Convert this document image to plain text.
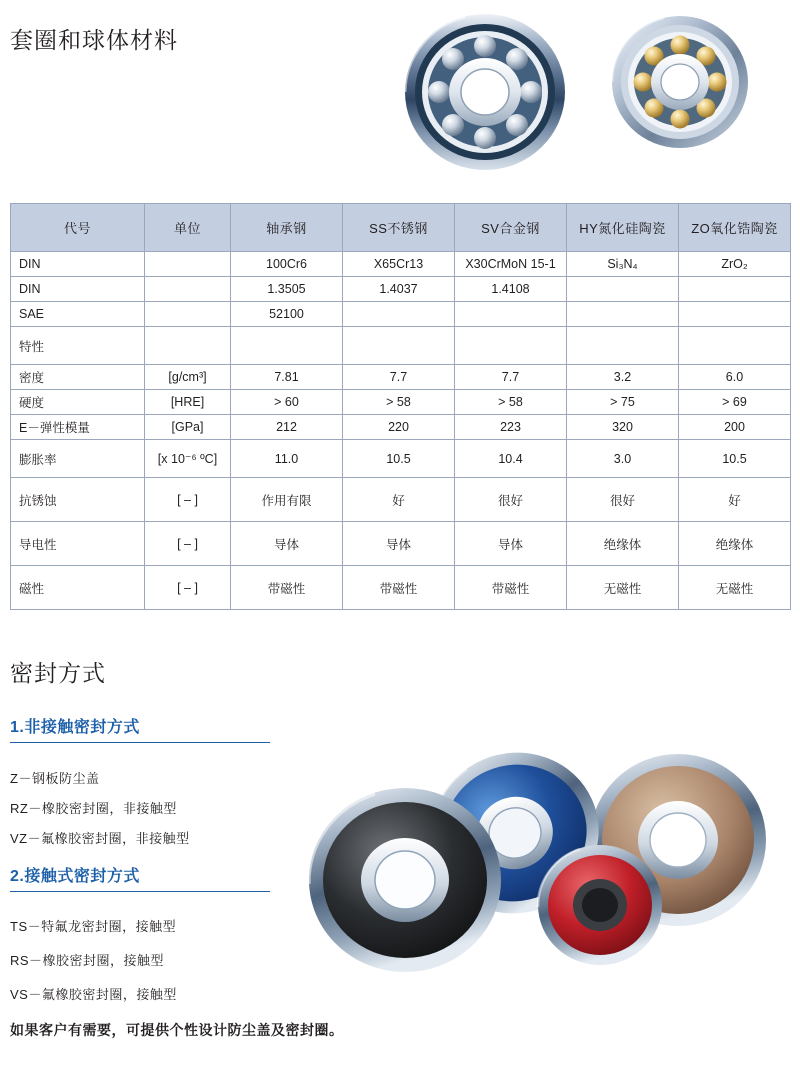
套圈和球体材料
代号	单位	轴承钢	SS不锈钢	SV合金钢	HY氮化硅陶瓷	ZO氧化锆陶瓷
DIN		100Cr6	X65Cr13	X30CrMoN 15-1	Si₃N₄	ZrO₂
DIN		1.3505	1.4037	1.4108		
SAE		52100				
特性						
密度	[g/cm³]	7.81	7.7	7.7	3.2	6.0
硬度	[HRE]	> 60	> 58	> 58	> 75	> 69
E－弹性模量	[GPa]	212	220	223	320	200
膨胀率	[x 10⁻⁶ ºC]	11.0	10.5	10.4	3.0	10.5
抗锈蚀	[ – ]	作用有限	好	很好	很好	好
导电性	[ – ]	导体	导体	导体	绝缘体	绝缘体
磁性	[ – ]	带磁性	带磁性	带磁性	无磁性	无磁性
密封方式
1.非接触密封方式
Z－钢板防尘盖
RZ－橡胶密封圈，非接触型
VZ－氟橡胶密封圈，非接触型
2.接触式密封方式
TS－特氟龙密封圈，接触型
RS－橡胶密封圈，接触型
VS－氟橡胶密封圈，接触型
如果客户有需要，可提供个性设计防尘盖及密封圈。
